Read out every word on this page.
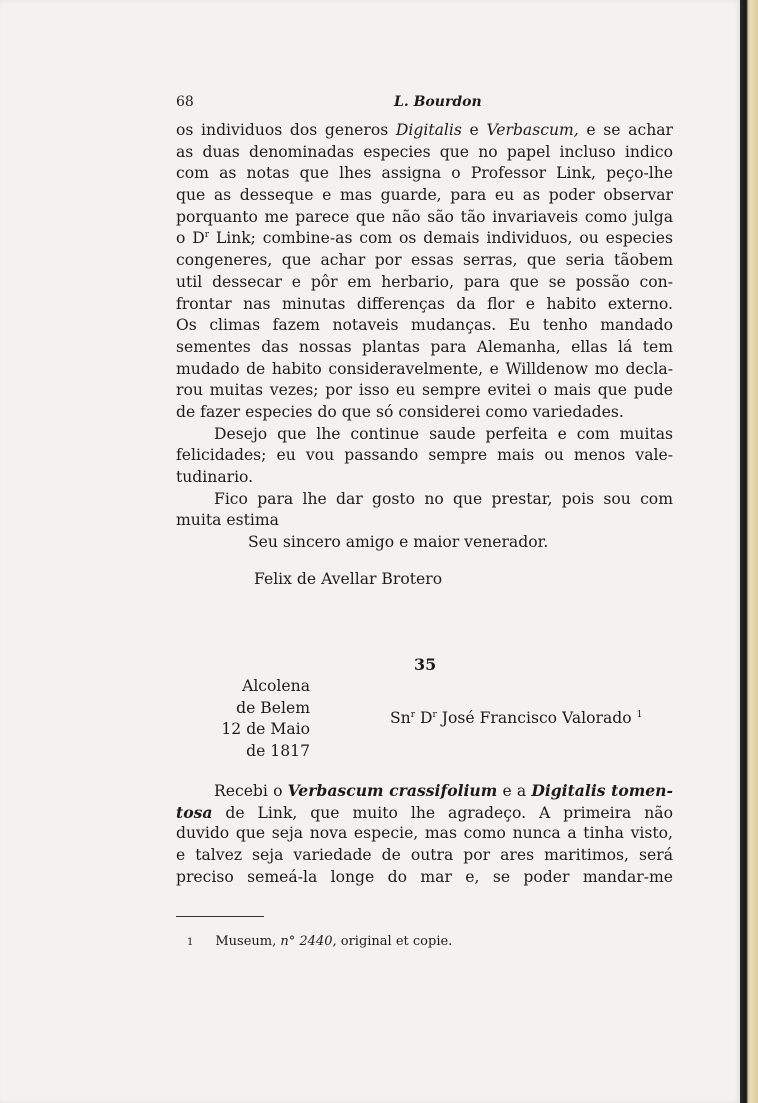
68	L. Bourdon
os individuos dos generos Digitalis e Verbascum, e se achar
as duas denominadas especies que no papel incluso indico
com as notas que lhes assigna o Professor Link, peço-lhe
que as desseque e mas guarde, para eu as poder observar
porquanto me parece que não são tão invariaveis como julga
o $D^r$ Link; combine-as com os demais individuos, ou especies
congeneres, que achar por essas serras, que seria tãobem
util dessecar e pôr em herbario, para que se possão con-
frontar nas minutas differenças da flor e habito externo.
Os climas fazem notaveis mudanças. Eu tenho mandado
sementes das nossas plantas para Alemanha, ellas lá tem
mudado de habito consideravelmente, e Willdenow mo decla-
rou muitas vezes; por isso eu sempre evitei o mais que pude
de fazer especies do que só considerei como variedades.
Desejo que lhe continue saude perfeita e com muitas
felicidades; eu vou passando sempre mais ou menos vale-
tudinario.
Fico para lhe dar gosto no que prestar, pois sou com
muita estima
Seu sincero amigo e maior venerador.
Felix de Avellar Brotero
35
Alcolena
de Belem
12 de Maio
de 1817
Sn$^r$ $D^r$ José Francisco Valorado $^1$
Recebi o Verbascum crassifolium e a Digitalis tomen-
tosa de Link, que muito lhe agradeço. A primeira não
duvido que seja nova especie, mas como nunca a tinha visto,
e talvez seja variedade de outra por ares maritimos, será
preciso semeá-la longe do mar e, se poder mandar-me
1 Museum, n° 2440, original et copie.
